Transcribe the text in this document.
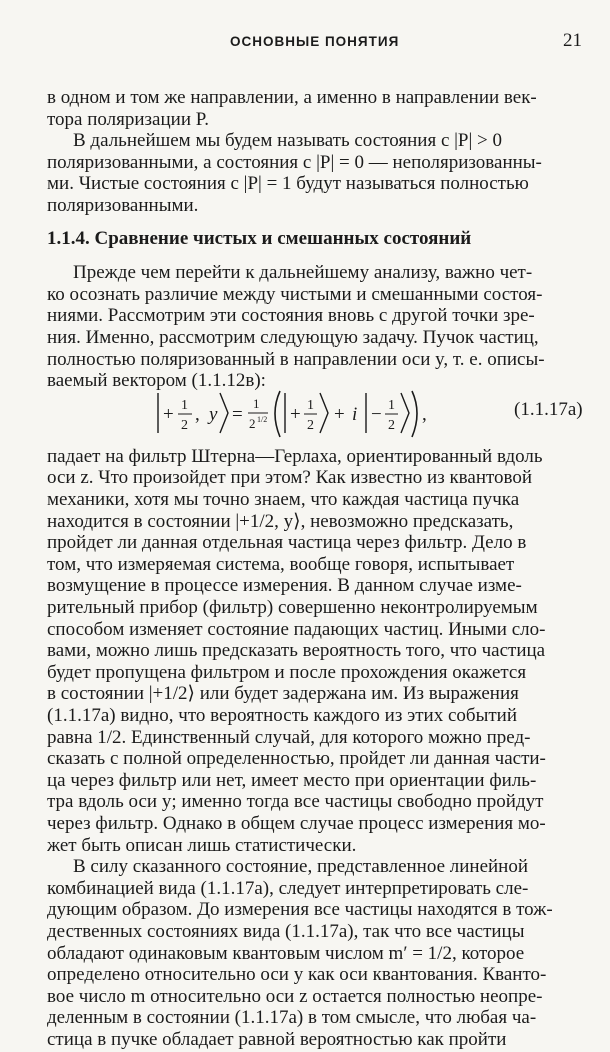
ОСНОВНЫЕ ПОНЯТИЯ	21
в одном и том же направлении, а именно в направлении век-
тора поляризации P.
В дальнейшем мы будем называть состояния с |P| > 0
поляризованными, а состояния с |P| = 0 — неполяризованны-
ми. Чистые состояния с |P| = 1 будут называться полностью
поляризованными.
1.1.4. Сравнение чистых и смешанных состояний
Прежде чем перейти к дальнейшему анализу, важно чет-
ко осознать различие между чистыми и смешанными состоя-
ниями. Рассмотрим эти состояния вновь с другой точки зре-
ния. Именно, рассмотрим следующую задачу. Пучок частиц,
полностью поляризованный в направлении оси y, т. е. описы-
ваемый вектором (1.1.12в):
+ 1
2
, y =
1
2 1/2 + 1
2
+ i − 1
2
,	(1.1.17а)
падает на фильтр Штерна—Герлаха, ориентированный вдоль
оси z. Что произойдет при этом? Как известно из квантовой
механики, хотя мы точно знаем, что каждая частица пучка
находится в состоянии |+1/2, y⟩, невозможно предсказать,
пройдет ли данная отдельная частица через фильтр. Дело в
том, что измеряемая система, вообще говоря, испытывает
возмущение в процессе измерения. В данном случае изме-
рительный прибор (фильтр) совершенно неконтролируемым
способом изменяет состояние падающих частиц. Иными сло-
вами, можно лишь предсказать вероятность того, что частица
будет пропущена фильтром и после прохождения окажется
в состоянии |+1/2⟩ или будет задержана им. Из выражения
(1.1.17а) видно, что вероятность каждого из этих событий
равна 1/2. Единственный случай, для которого можно пред-
сказать с полной определенностью, пройдет ли данная части-
ца через фильтр или нет, имеет место при ориентации филь-
тра вдоль оси y; именно тогда все частицы свободно пройдут
через фильтр. Однако в общем случае процесс измерения мо-
жет быть описан лишь статистически.
В силу сказанного состояние, представленное линейной
комбинацией вида (1.1.17а), следует интерпретировать сле-
дующим образом. До измерения все частицы находятся в тож-
дественных состояниях вида (1.1.17а), так что все частицы
обладают одинаковым квантовым числом m′ = 1/2, которое
определено относительно оси y как оси квантования. Кванто-
вое число m относительно оси z остается полностью неопре-
деленным в состоянии (1.1.17а) в том смысле, что любая ча-
стица в пучке обладает равной вероятностью как пройти
